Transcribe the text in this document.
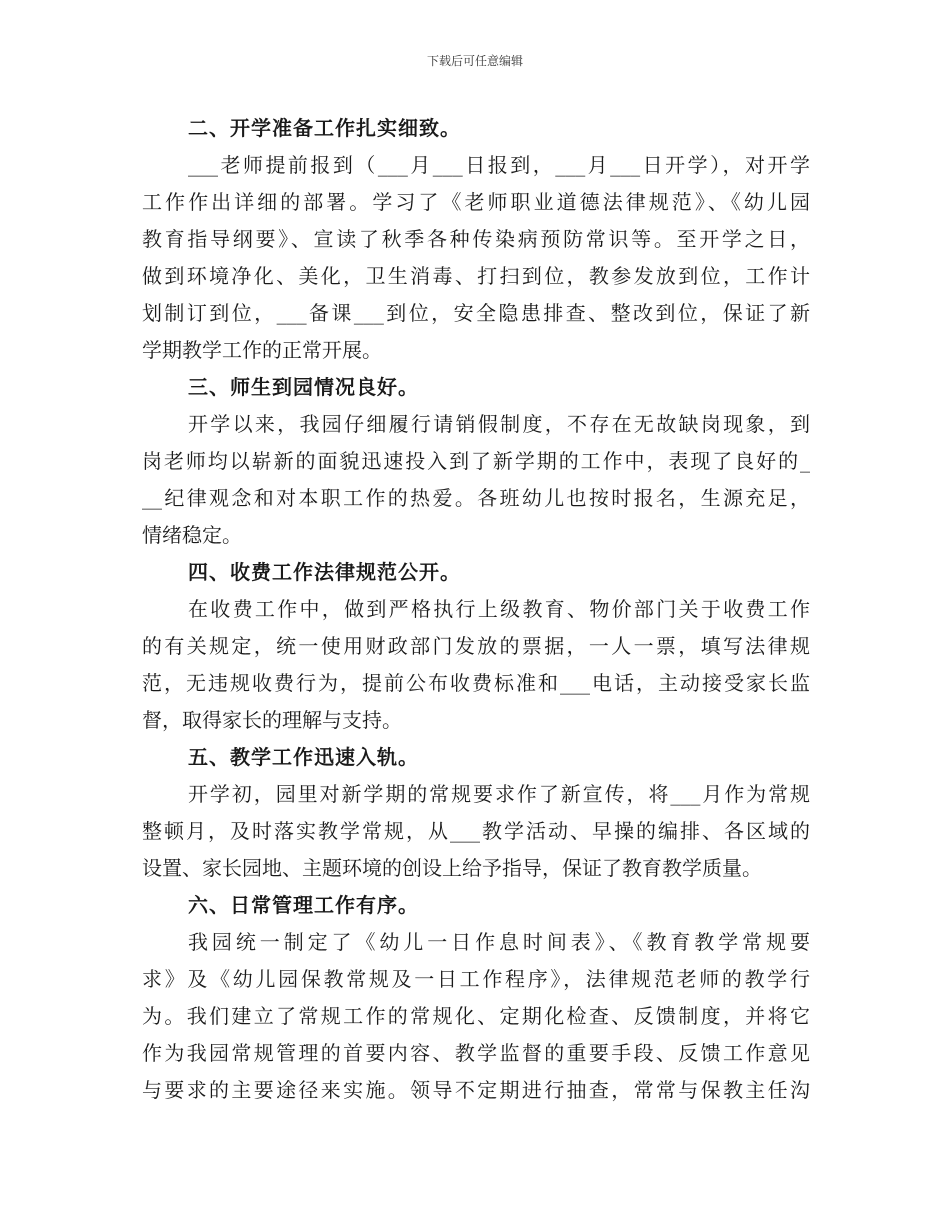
下载后可任意编辑

二、开学准备工作扎实细致。

___老师提前报到（___月___日报到，___月___日开学），对开学
工作作出详细的部署。学习了《老师职业道德法律规范》、《幼儿园
教育指导纲要》、宣读了秋季各种传染病预防常识等。至开学之日，
做到环境净化、美化，卫生消毒、打扫到位，教参发放到位，工作计
划制订到位，___备课___到位，安全隐患排查、整改到位，保证了新
学期教学工作的正常开展。

三、师生到园情况良好。

开学以来，我园仔细履行请销假制度，不存在无故缺岗现象，到
岗老师均以崭新的面貌迅速投入到了新学期的工作中，表现了良好的_
__纪律观念和对本职工作的热爱。各班幼儿也按时报名，生源充足，
情绪稳定。

四、收费工作法律规范公开。

在收费工作中，做到严格执行上级教育、物价部门关于收费工作
的有关规定，统一使用财政部门发放的票据，一人一票，填写法律规
范，无违规收费行为，提前公布收费标准和___电话，主动接受家长监
督，取得家长的理解与支持。

五、教学工作迅速入轨。

开学初，园里对新学期的常规要求作了新宣传，将___月作为常规
整顿月，及时落实教学常规，从___教学活动、早操的编排、各区域的
设置、家长园地、主题环境的创设上给予指导，保证了教育教学质量。

六、日常管理工作有序。

我园统一制定了《幼儿一日作息时间表》、《教育教学常规要
求》及《幼儿园保教常规及一日工作程序》，法律规范老师的教学行
为。我们建立了常规工作的常规化、定期化检查、反馈制度，并将它
作为我园常规管理的首要内容、教学监督的重要手段、反馈工作意见
与要求的主要途径来实施。领导不定期进行抽查，常常与保教主任沟
